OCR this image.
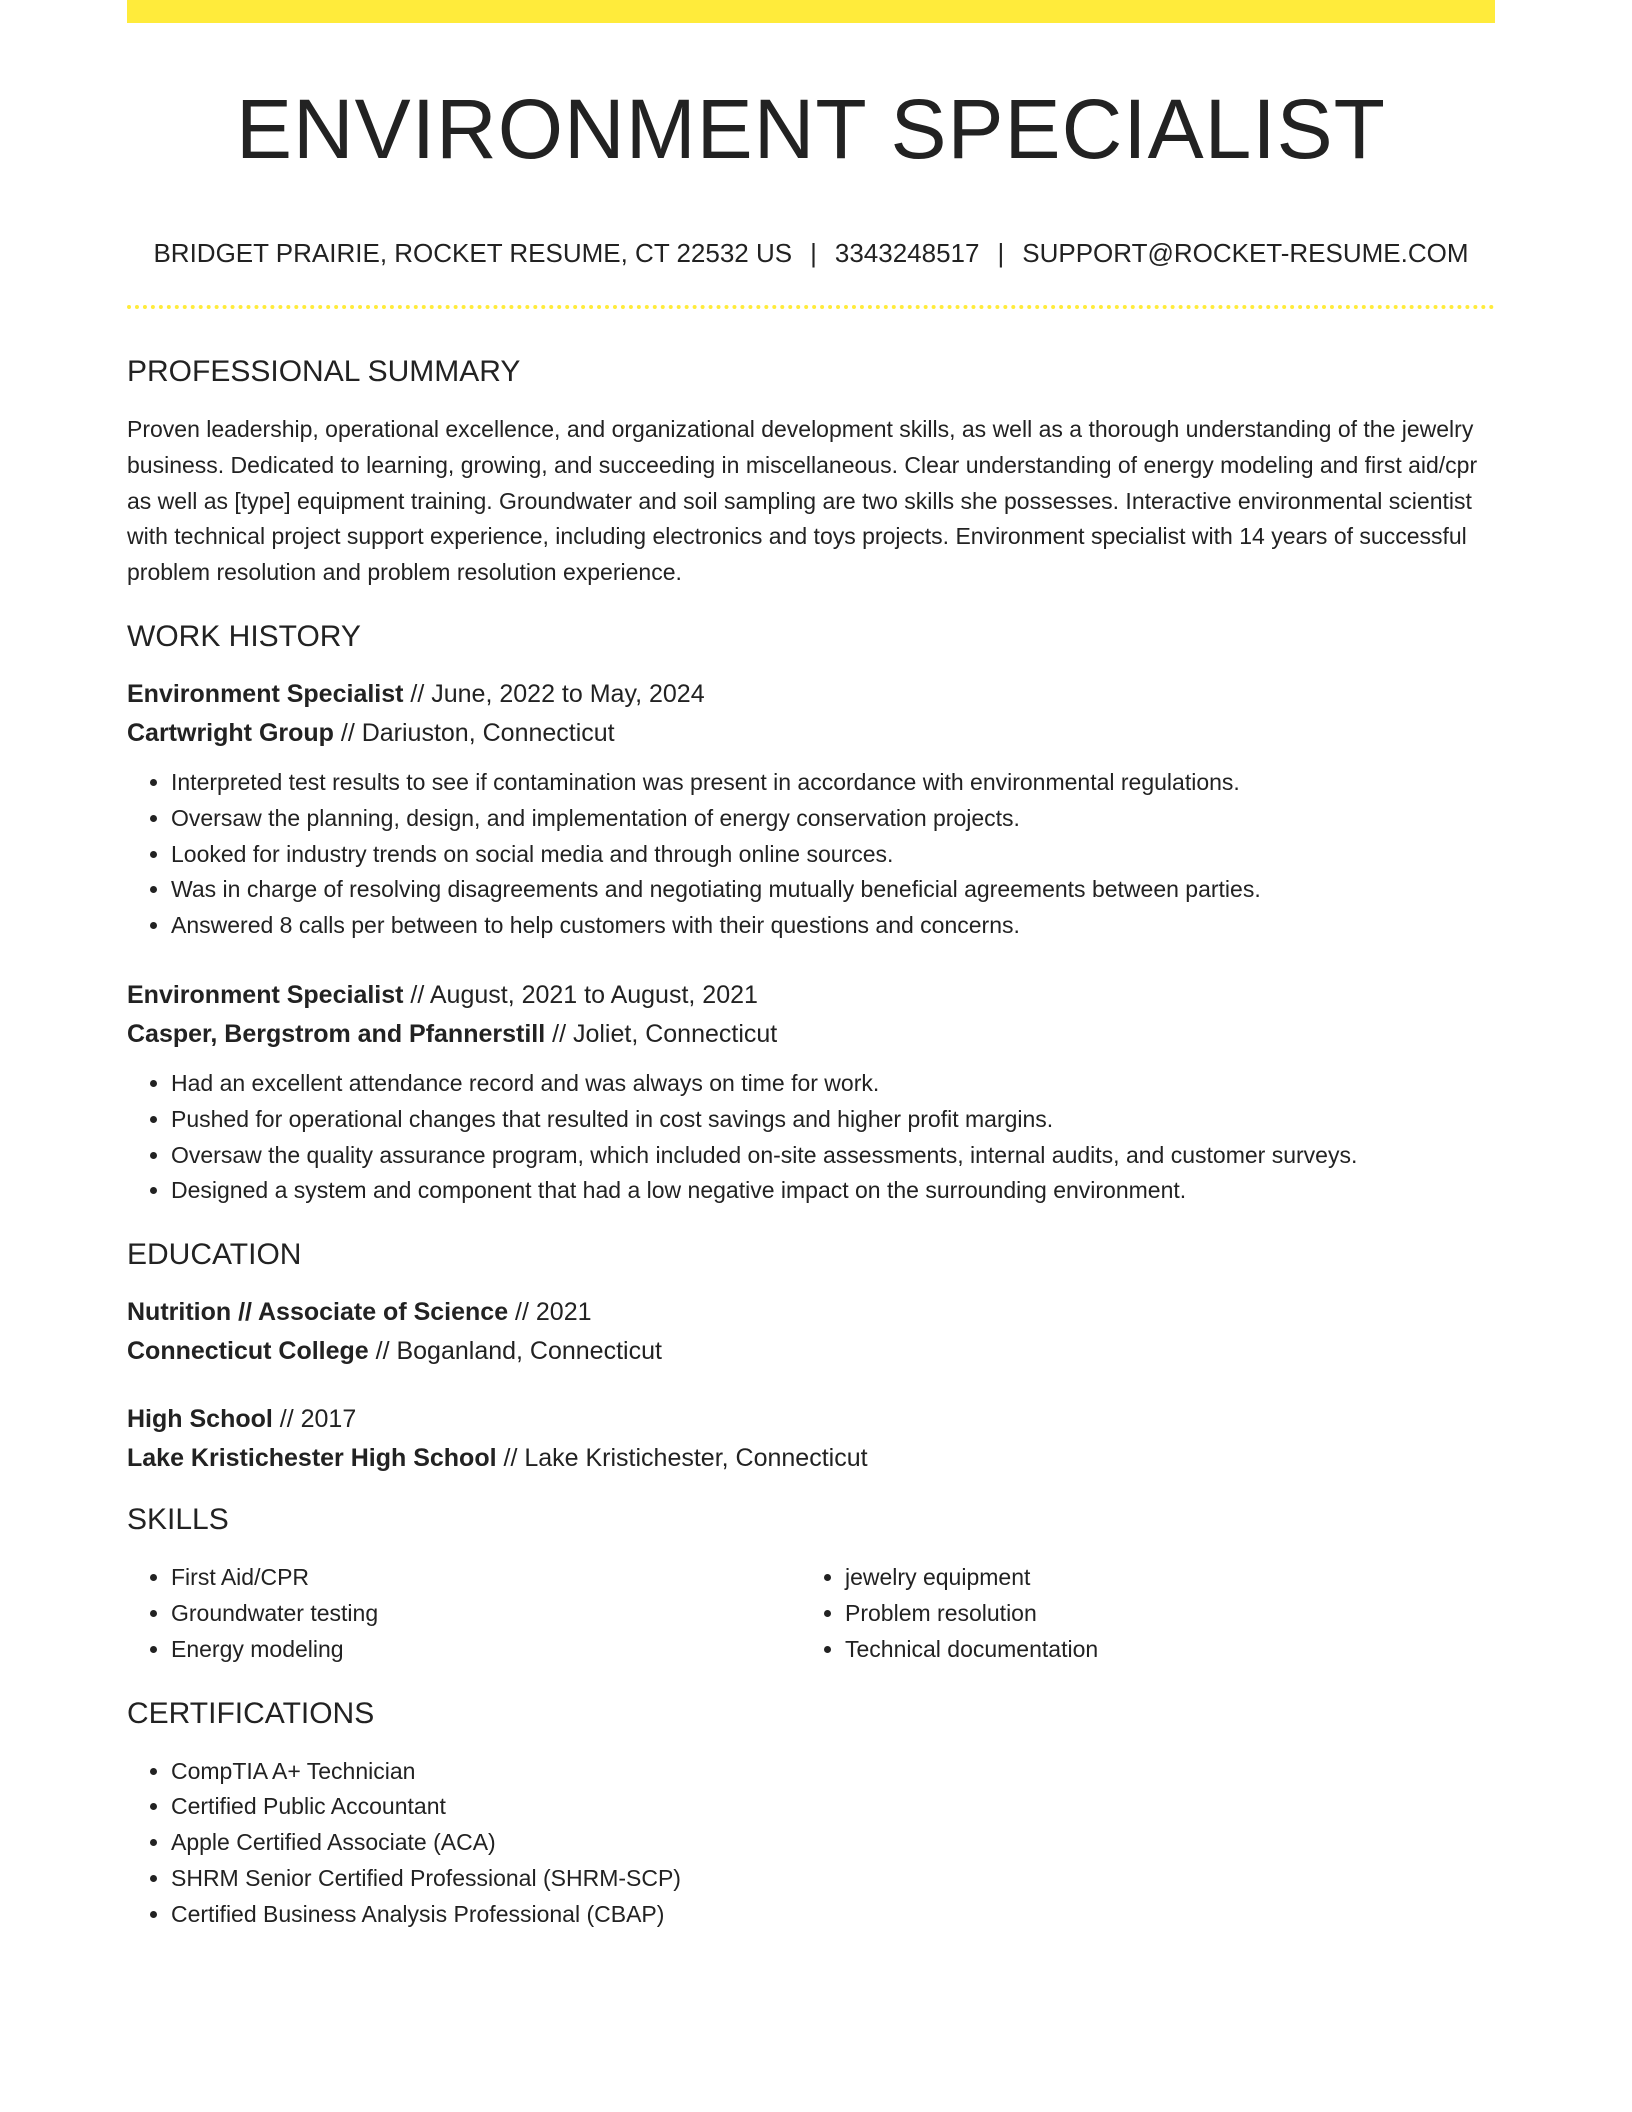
ENVIRONMENT SPECIALIST
BRIDGET PRAIRIE, ROCKET RESUME, CT 22532 US | 3343248517 | SUPPORT@ROCKET-RESUME.COM
PROFESSIONAL SUMMARY

Proven leadership, operational excellence, and organizational development skills, as well as a thorough understanding of the jewelry business. Dedicated to learning, growing, and succeeding in miscellaneous. Clear understanding of energy modeling and first aid/cpr as well as [type] equipment training. Groundwater and soil sampling are two skills she possesses. Interactive environmental scientist with technical project support experience, including electronics and toys projects. Environment specialist with 14 years of successful problem resolution and problem resolution experience.

WORK HISTORY

Environment Specialist // June, 2022 to May, 2024

Cartwright Group // Dariuston, Connecticut

• Interpreted test results to see if contamination was present in accordance with environmental regulations.
• Oversaw the planning, design, and implementation of energy conservation projects.
• Looked for industry trends on social media and through online sources.
• Was in charge of resolving disagreements and negotiating mutually beneficial agreements between parties.
• Answered 8 calls per between to help customers with their questions and concerns.

Environment Specialist // August, 2021 to August, 2021

Casper, Bergstrom and Pfannerstill // Joliet, Connecticut

• Had an excellent attendance record and was always on time for work.
• Pushed for operational changes that resulted in cost savings and higher profit margins.
• Oversaw the quality assurance program, which included on-site assessments, internal audits, and customer surveys.
• Designed a system and component that had a low negative impact on the surrounding environment.
EDUCATION

Nutrition // Associate of Science // 2021

Connecticut College // Boganland, Connecticut

High School // 2017

Lake Kristichester High School // Lake Kristichester, Connecticut

SKILLS
• First Aid/CPR
• Groundwater testing
• Energy modeling
• jewelry equipment
• Problem resolution
• Technical documentation
CERTIFICATIONS
• CompTIA A+ Technician
• Certified Public Accountant
• Apple Certified Associate (ACA)
• SHRM Senior Certified Professional (SHRM-SCP)
• Certified Business Analysis Professional (CBAP)
